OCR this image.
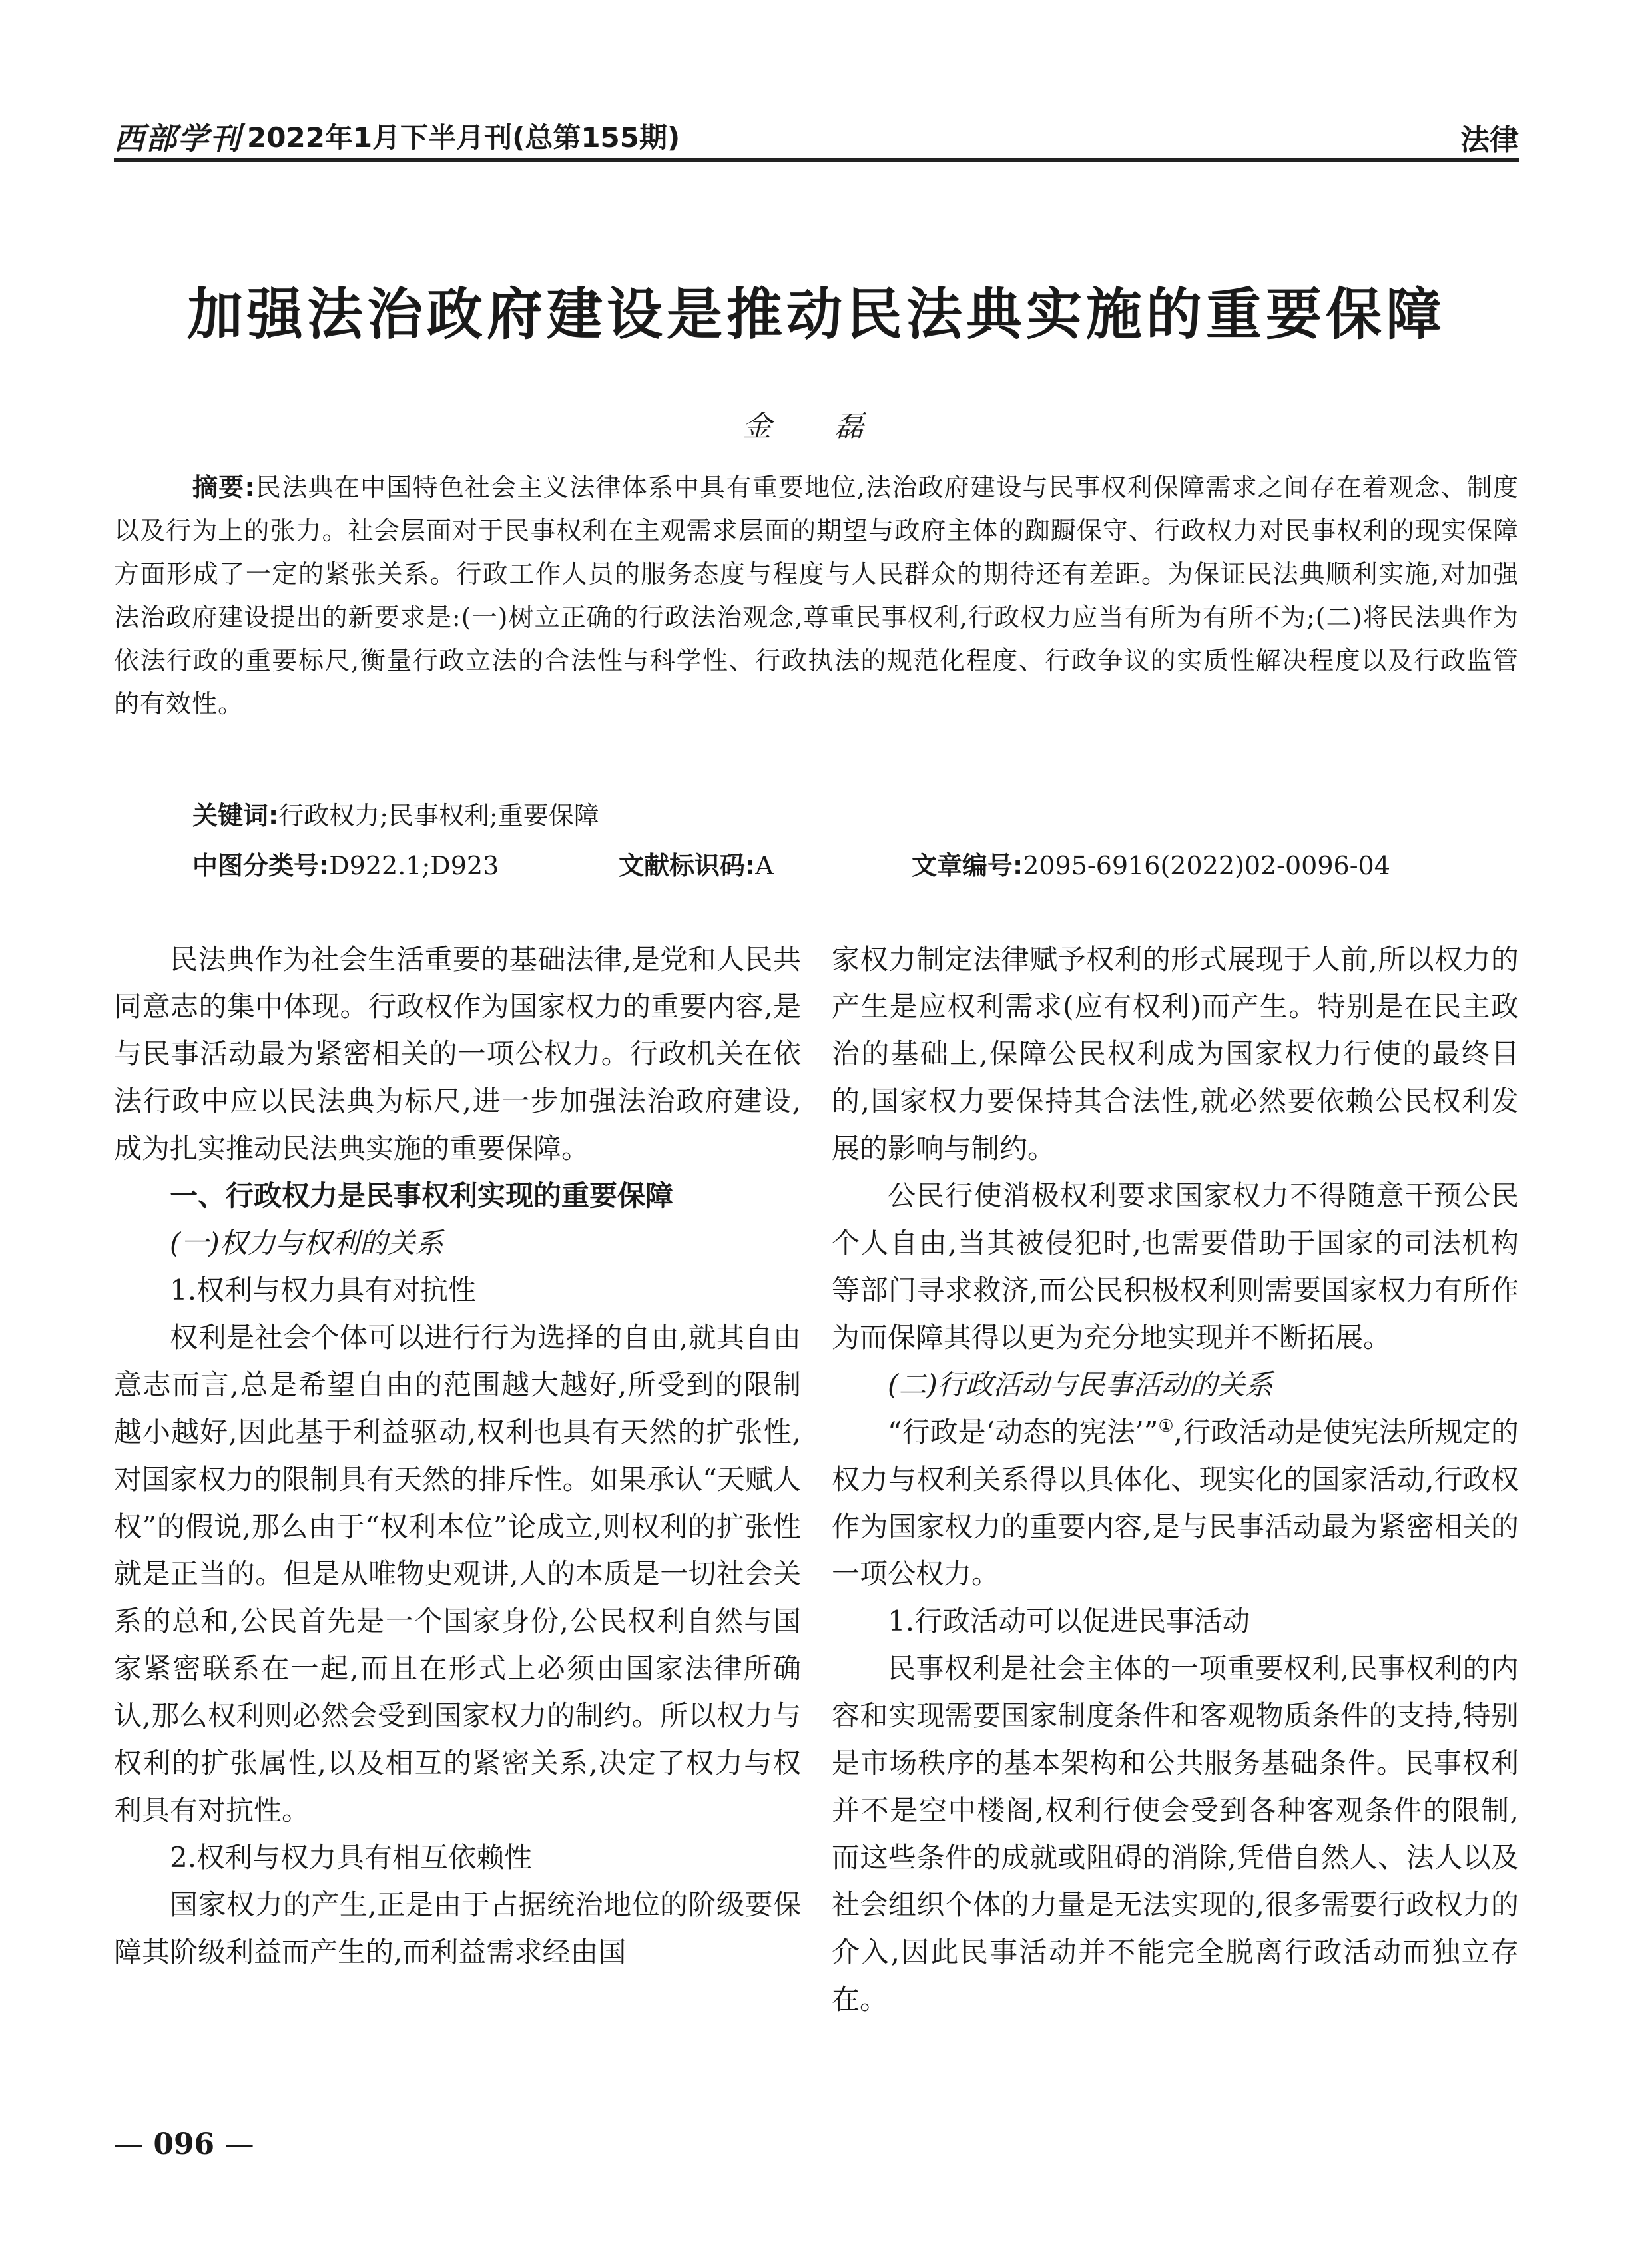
西部学刊 2022年1月下半月刊(总第155期)	法律
加强法治政府建设是推动民法典实施的重要保障
金 磊

摘要:民法典在中国特色社会主义法律体系中具有重要地位,法治政府建设与民事权利保障需求之间存在着观念、制度以及行为上的张力。社会层面对于民事权利在主观需求层面的期望与政府主体的踟蹰保守、行政权力对民事权利的现实保障方面形成了一定的紧张关系。行政工作人员的服务态度与程度与人民群众的期待还有差距。为保证民法典顺利实施,对加强法治政府建设提出的新要求是:(一)树立正确的行政法治观念,尊重民事权利,行政权力应当有所为有所不为;(二)将民法典作为依法行政的重要标尺,衡量行政立法的合法性与科学性、行政执法的规范化程度、行政争议的实质性解决程度以及行政监管的有效性。

关键词:行政权力;民事权利;重要保障
中图分类号:D922.1;D923	文献标识码:A	文章编号:2095-6916(2022)02-0096-04

民法典作为社会生活重要的基础法律,是党和人民共同意志的集中体现。行政权作为国家权力的重要内容,是与民事活动最为紧密相关的一项公权力。行政机关在依法行政中应以民法典为标尺,进一步加强法治政府建设,成为扎实推动民法典实施的重要保障。

一、行政权力是民事权利实现的重要保障
(一)权力与权利的关系
1.权利与权力具有对抗性

权利是社会个体可以进行行为选择的自由,就其自由意志而言,总是希望自由的范围越大越好,所受到的限制越小越好,因此基于利益驱动,权利也具有天然的扩张性,对国家权力的限制具有天然的排斥性。如果承认“天赋人权”的假说,那么由于“权利本位”论成立,则权利的扩张性就是正当的。但是从唯物史观讲,人的本质是一切社会关系的总和,公民首先是一个国家身份,公民权利自然与国家紧密联系在一起,而且在形式上必须由国家法律所确认,那么权利则必然会受到国家权力的制约。所以权力与权利的扩张属性,以及相互的紧密关系,决定了权力与权利具有对抗性。

2.权利与权力具有相互依赖性

国家权力的产生,正是由于占据统治地位的阶级要保障其阶级利益而产生的,而利益需求经由国

家权力制定法律赋予权利的形式展现于人前,所以权力的产生是应权利需求(应有权利)而产生。特别是在民主政治的基础上,保障公民权利成为国家权力行使的最终目的,国家权力要保持其合法性,就必然要依赖公民权利发展的影响与制约。

公民行使消极权利要求国家权力不得随意干预公民个人自由,当其被侵犯时,也需要借助于国家的司法机构等部门寻求救济,而公民积极权利则需要国家权力有所作为而保障其得以更为充分地实现并不断拓展。

(二)行政活动与民事活动的关系

“行政是‘动态的宪法’”①,行政活动是使宪法所规定的权力与权利关系得以具体化、现实化的国家活动,行政权作为国家权力的重要内容,是与民事活动最为紧密相关的一项公权力。

1.行政活动可以促进民事活动

民事权利是社会主体的一项重要权利,民事权利的内容和实现需要国家制度条件和客观物质条件的支持,特别是市场秩序的基本架构和公共服务基础条件。民事权利并不是空中楼阁,权利行使会受到各种客观条件的限制,而这些条件的成就或阻碍的消除,凭借自然人、法人以及社会组织个体的力量是无法实现的,很多需要行政权力的介入,因此民事活动并不能完全脱离行政活动而独立存在。

— 096 —
